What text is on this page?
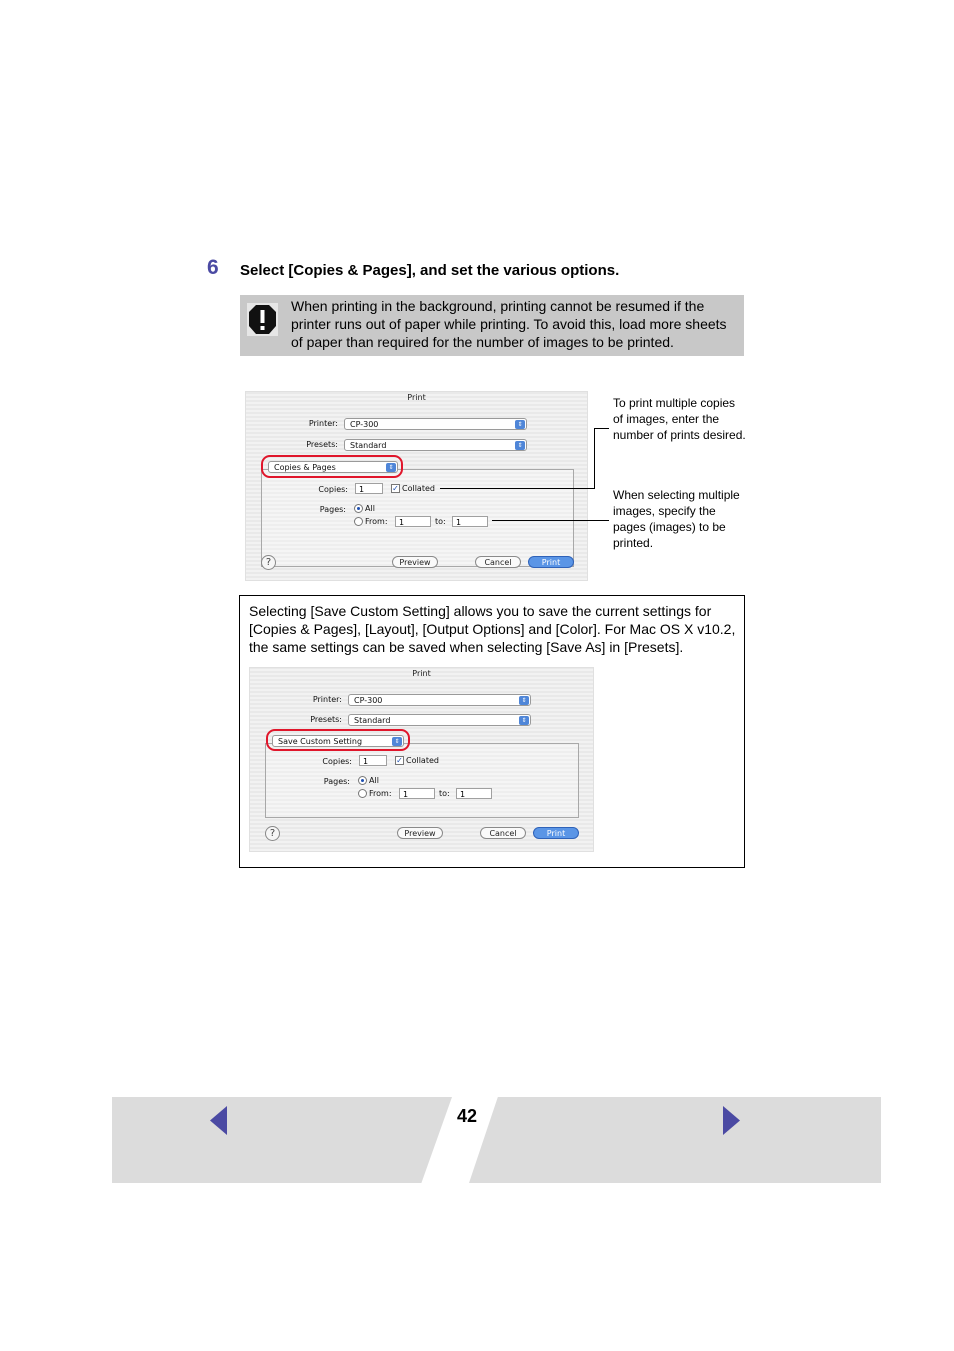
6 Select [Copies & Pages], and set the various options.
When printing in the background, printing cannot be resumed if the printer runs out of paper while printing. To avoid this, load more sheets of paper than required for the number of images to be printed.
Print
Printer:	CP-300	⇕
Presets:	Standard	⇕
Copies & Pages	⇕
Copies:	1	✓ Collated
Pages: All
From:	1	to:	1
?	Preview	Cancel	Print
To print multiple copies of images, enter the number of prints desired.
When selecting multiple images, specify the pages (images) to be printed.
Selecting [Save Custom Setting] allows you to save the current settings for [Copies & Pages], [Layout], [Output Options] and [Color]. For Mac OS X v10.2, the same settings can be saved when selecting [Save As] in [Presets].
Print
Printer:	CP-300	⇕
Presets:	Standard	⇕
Save Custom Setting	⇕
Copies:	1	✓ Collated
Pages: All
From:	1	to:	1
?	Preview	Cancel	Print
42
